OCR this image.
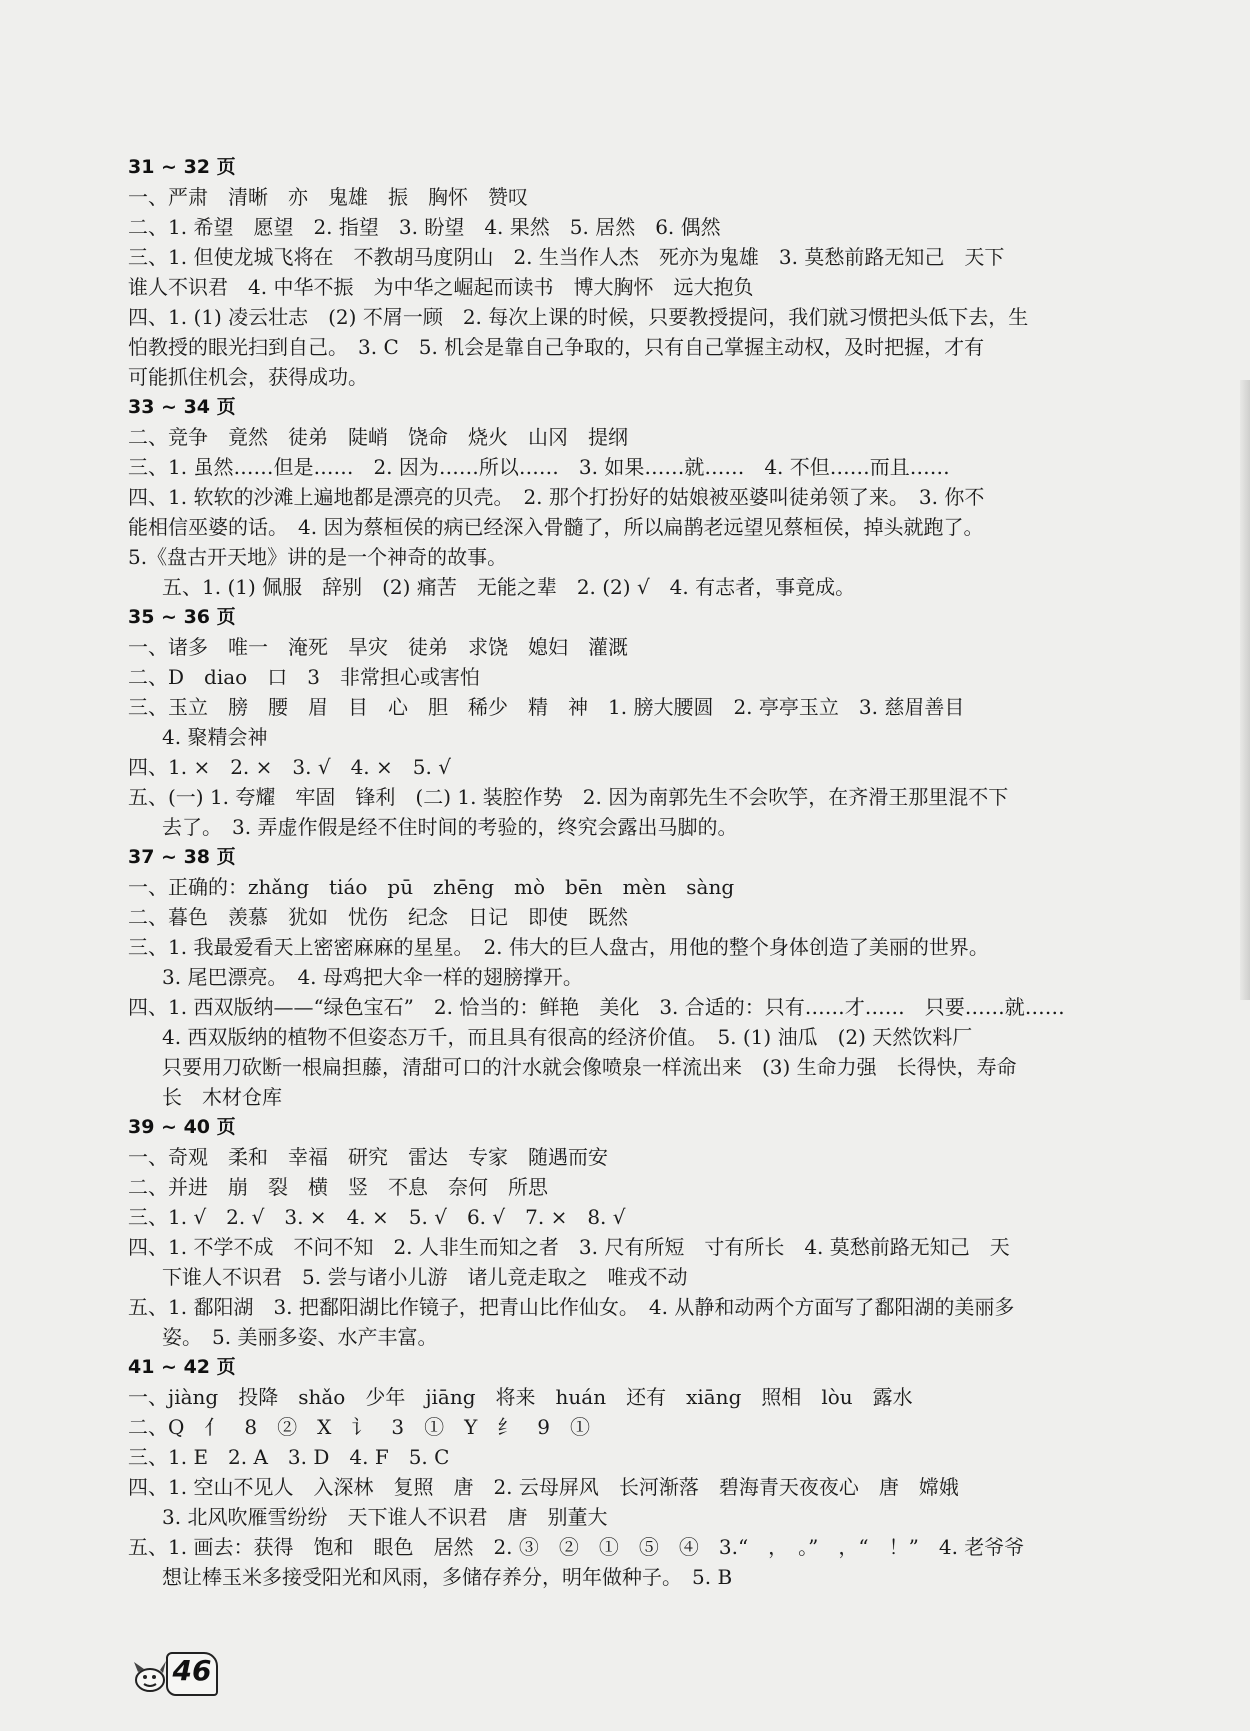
31 ~ 32 页
一、严肃　清晰　亦　鬼雄　振　胸怀　赞叹
二、1. 希望　愿望　2. 指望　3. 盼望　4. 果然　5. 居然　6. 偶然
三、1. 但使龙城飞将在　不教胡马度阴山　2. 生当作人杰　死亦为鬼雄　3. 莫愁前路无知己　天下
谁人不识君　4. 中华不振　为中华之崛起而读书　博大胸怀　远大抱负
四、1. (1) 凌云壮志　(2) 不屑一顾　2. 每次上课的时候，只要教授提问，我们就习惯把头低下去，生
怕教授的眼光扫到自己。　3. C　5. 机会是靠自己争取的，只有自己掌握主动权，及时把握，才有
可能抓住机会，获得成功。
33 ~ 34 页
二、竞争　竟然　徒弟　陡峭　饶命　烧火　山冈　提纲
三、1. 虽然……但是……　2. 因为……所以……　3. 如果……就……　4. 不但……而且……
四、1. 软软的沙滩上遍地都是漂亮的贝壳。　2. 那个打扮好的姑娘被巫婆叫徒弟领了来。　3. 你不
能相信巫婆的话。　4. 因为蔡桓侯的病已经深入骨髓了，所以扁鹊老远望见蔡桓侯，掉头就跑了。
5.《盘古开天地》讲的是一个神奇的故事。
五、1. (1) 佩服　辞别　(2) 痛苦　无能之辈　2. (2) √　4. 有志者，事竟成。
35 ~ 36 页
一、诸多　唯一　淹死　旱灾　徒弟　求饶　媳妇　灌溉
二、D　diao　口　3　非常担心或害怕
三、玉立　膀　腰　眉　目　心　胆　稀少　精　神　1. 膀大腰圆　2. 亭亭玉立　3. 慈眉善目
4. 聚精会神
四、1. ×　2. ×　3. √　4. ×　5. √
五、(一) 1. 夸耀　牢固　锋利　(二) 1. 装腔作势　2. 因为南郭先生不会吹竽，在齐滑王那里混不下
去了。　3. 弄虚作假是经不住时间的考验的，终究会露出马脚的。
37 ~ 38 页
一、正确的：zhǎng　tiáo　pū　zhēng　mò　bēn　mèn　sàng
二、暮色　羡慕　犹如　忧伤　纪念　日记　即使　既然
三、1. 我最爱看天上密密麻麻的星星。　2. 伟大的巨人盘古，用他的整个身体创造了美丽的世界。
3. 尾巴漂亮。　4. 母鸡把大伞一样的翅膀撑开。
四、1. 西双版纳——“绿色宝石”　2. 恰当的：鲜艳　美化　3. 合适的：只有……才……　只要……就……
4. 西双版纳的植物不但姿态万千，而且具有很高的经济价值。　5. (1) 油瓜　(2) 天然饮料厂
只要用刀砍断一根扁担藤，清甜可口的汁水就会像喷泉一样流出来　(3) 生命力强　长得快，寿命
长　木材仓库
39 ~ 40 页
一、奇观　柔和　幸福　研究　雷达　专家　随遇而安
二、并进　崩　裂　横　竖　不息　奈何　所思
三、1. √　2. √　3. ×　4. ×　5. √　6. √　7. ×　8. √
四、1. 不学不成　不问不知　2. 人非生而知之者　3. 尺有所短　寸有所长　4. 莫愁前路无知己　天
下谁人不识君　5. 尝与诸小儿游　诸儿竞走取之　唯戎不动
五、1. 鄱阳湖　3. 把鄱阳湖比作镜子，把青山比作仙女。　4. 从静和动两个方面写了鄱阳湖的美丽多
姿。　5. 美丽多姿、水产丰富。
41 ~ 42 页
一、jiàng　投降　shǎo　少年　jiāng　将来　huán　还有　xiāng　照相　lòu　露水
二、Q　亻　8　②　X　讠　3　①　Y　纟　9　①
三、1. E　2. A　3. D　4. F　5. C
四、1. 空山不见人　入深林　复照　唐　2. 云母屏风　长河渐落　碧海青天夜夜心　唐　嫦娥
3. 北风吹雁雪纷纷　天下谁人不识君　唐　别董大
五、1. 画去：获得　饱和　眼色　居然　2. ③　②　①　⑤　④　3.“　，　。”　，“　！”　4. 老爷爷
想让棒玉米多接受阳光和风雨，多储存养分，明年做种子。　5. B
46
